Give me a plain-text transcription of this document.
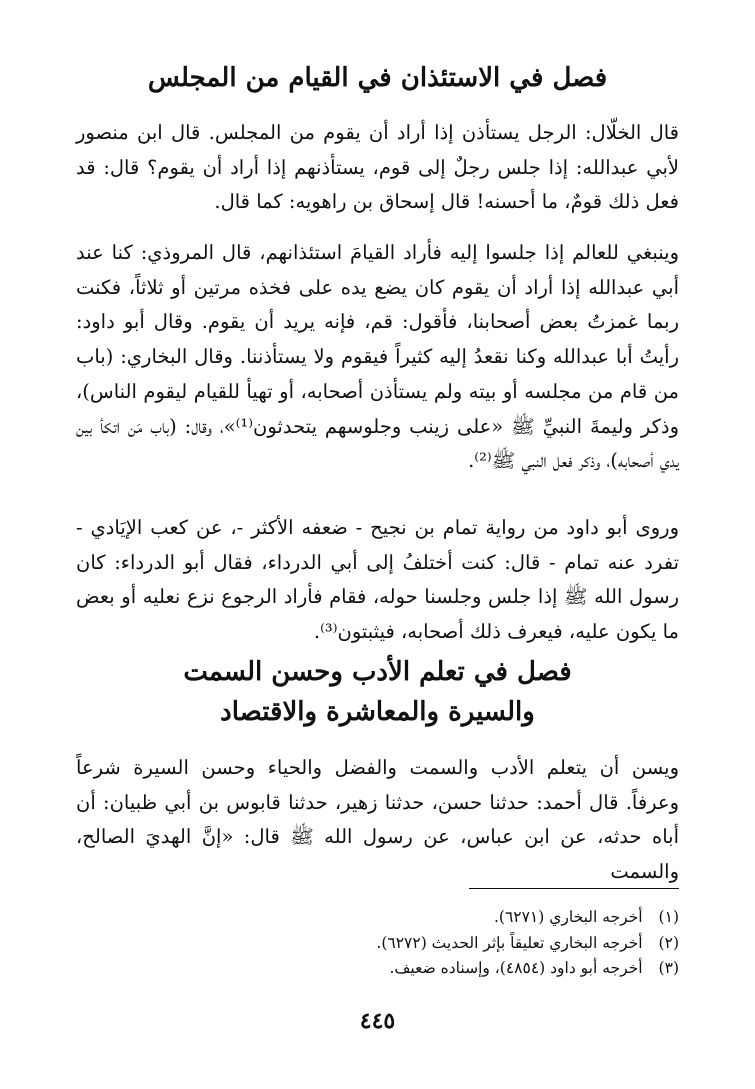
فصل في الاستئذان في القيام من المجلس

قال الخلّال: الرجل يستأذن إذا أراد أن يقوم من المجلس. قال ابن منصور لأبي عبدالله: إذا جلس رجلٌ إلى قوم، يستأذنهم إذا أراد أن يقوم؟ قال: قد فعل ذلك قومٌ، ما أحسنه! قال إسحاق بن راهويه: كما قال.

وينبغي للعالم إذا جلسوا إليه فأراد القيامَ استئذانهم، قال المروذي: كنا عند أبي عبدالله إذا أراد أن يقوم كان يضع يده على فخذه مرتين أو ثلاثاً، فكنت ربما غمزتُ بعض أصحابنا، فأقول: قم، فإنه يريد أن يقوم. وقال أبو داود: رأيتُ أبا عبدالله وكنا نقعدُ إليه كثيراً فيقوم ولا يستأذننا. وقال البخاري: (باب من قام من مجلسه أو بيته ولم يستأذن أصحابه، أو تهيأ للقيام ليقوم الناس)، وذكر وليمةَ النبيِّ ﷺ «على زينب وجلوسهم يتحدثون⁽¹⁾»، وقال: (باب مَن اتكأ بين يدي أصحابه)، وذكر فعل النبي ﷺ⁽²⁾.

وروى أبو داود من رواية تمام بن نجيح - ضعفه الأكثر -، عن كعب الإيَادي - تفرد عنه تمام - قال: كنت أختلفُ إلى أبي الدرداء، فقال أبو الدرداء: كان رسول الله ﷺ إذا جلس وجلسنا حوله، فقام فأراد الرجوع نزع نعليه أو بعض ما يكون عليه، فيعرف ذلك أصحابه، فيثبتون⁽³⁾.

فصل في تعلم الأدب وحسن السمت
والسيرة والمعاشرة والاقتصاد

ويسن أن يتعلم الأدب والسمت والفضل والحياء وحسن السيرة شرعاً وعرفاً. قال أحمد: حدثنا حسن، حدثنا زهير، حدثنا قابوس بن أبي ظبيان: أن أباه حدثه، عن ابن عباس، عن رسول الله ﷺ قال: «إنَّ الهديَ الصالح، والسمت

(١)أخرجه البخاري (٦٢٧١).
(٢)أخرجه البخاري تعليقاً بإثر الحديث (٦٢٧٢).
(٣)أخرجه أبو داود (٤٨٥٤)، وإسناده ضعيف.
٤٤٥
